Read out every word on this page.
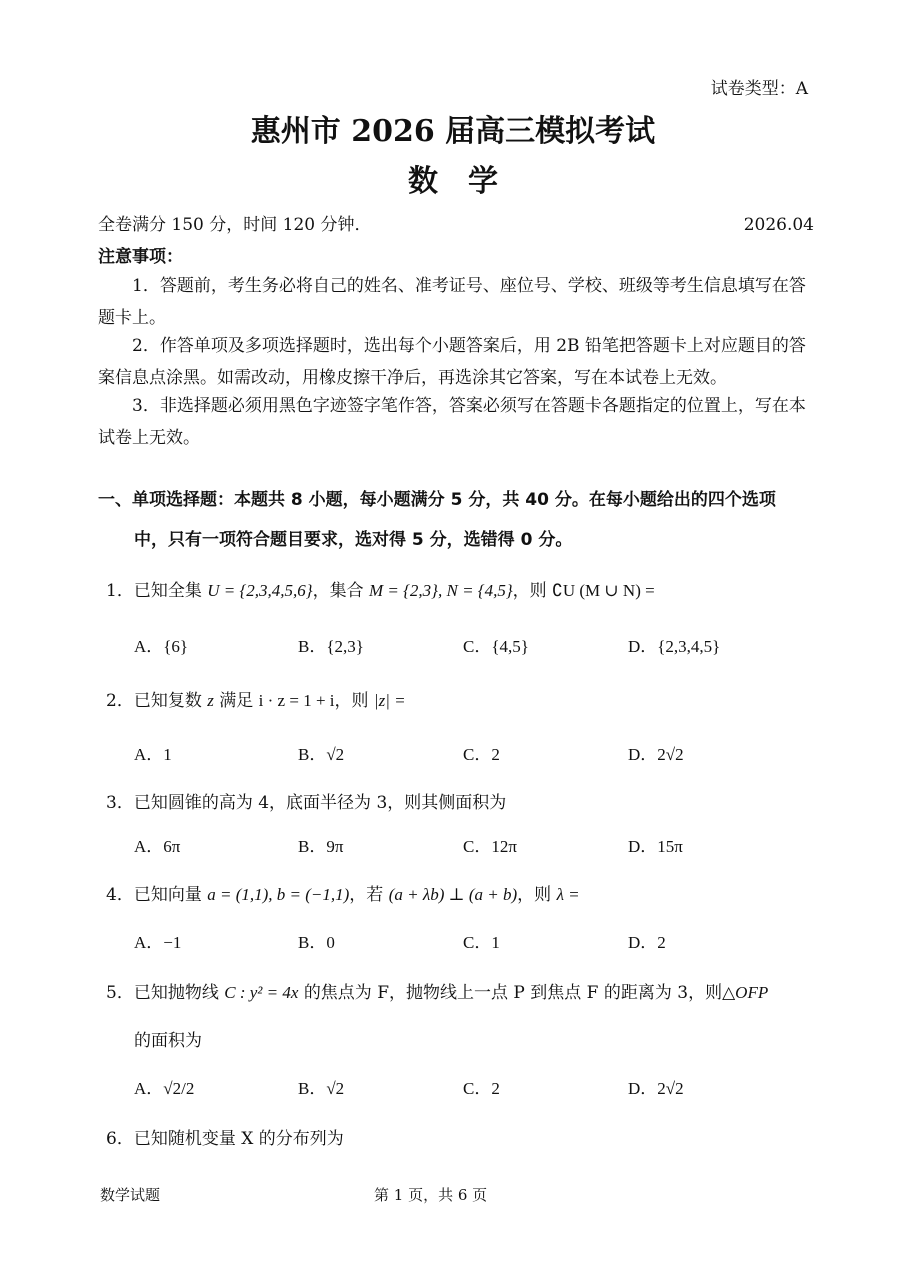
试卷类型：A
惠州市 2026 届高三模拟考试
数　学
全卷满分 150 分，时间 120 分钟．	2026.04
注意事项：
1．答题前，考生务必将自己的姓名、准考证号、座位号、学校、班级等考生信息填写在答题卡上。
2．作答单项及多项选择题时，选出每个小题答案后，用 2B 铅笔把答题卡上对应题目的答案信息点涂黑。如需改动，用橡皮擦干净后，再选涂其它答案，写在本试卷上无效。
3．非选择题必须用黑色字迹签字笔作答，答案必须写在答题卡各题指定的位置上，写在本试卷上无效。
一、单项选择题：本题共 8 小题，每小题满分 5 分，共 40 分。在每小题给出的四个选项
中，只有一项符合题目要求，选对得 5 分，选错得 0 分。
1．已知全集 U = {2,3,4,5,6}，集合 M = {2,3}, N = {4,5}，则 ∁U (M ∪ N) =
A．{6}	B．{2,3}	C．{4,5}	D．{2,3,4,5}
2．已知复数 z 满足 i · z = 1 + i，则 |z| =
A．1	B．√2	C．2	D．2√2
3．已知圆锥的高为 4，底面半径为 3，则其侧面积为
A．6π	B．9π	C．12π	D．15π
4．已知向量 a = (1,1), b = (−1,1)，若 (a + λb) ⊥ (a + b)，则 λ =
A．−1	B．0	C．1	D．2
5．已知抛物线 C : y² = 4x 的焦点为 F，抛物线上一点 P 到焦点 F 的距离为 3，则△OFP
的面积为
A．√2/2	B．√2	C．2	D．2√2
6．已知随机变量 X 的分布列为
数学试题	第 1 页，共 6 页
